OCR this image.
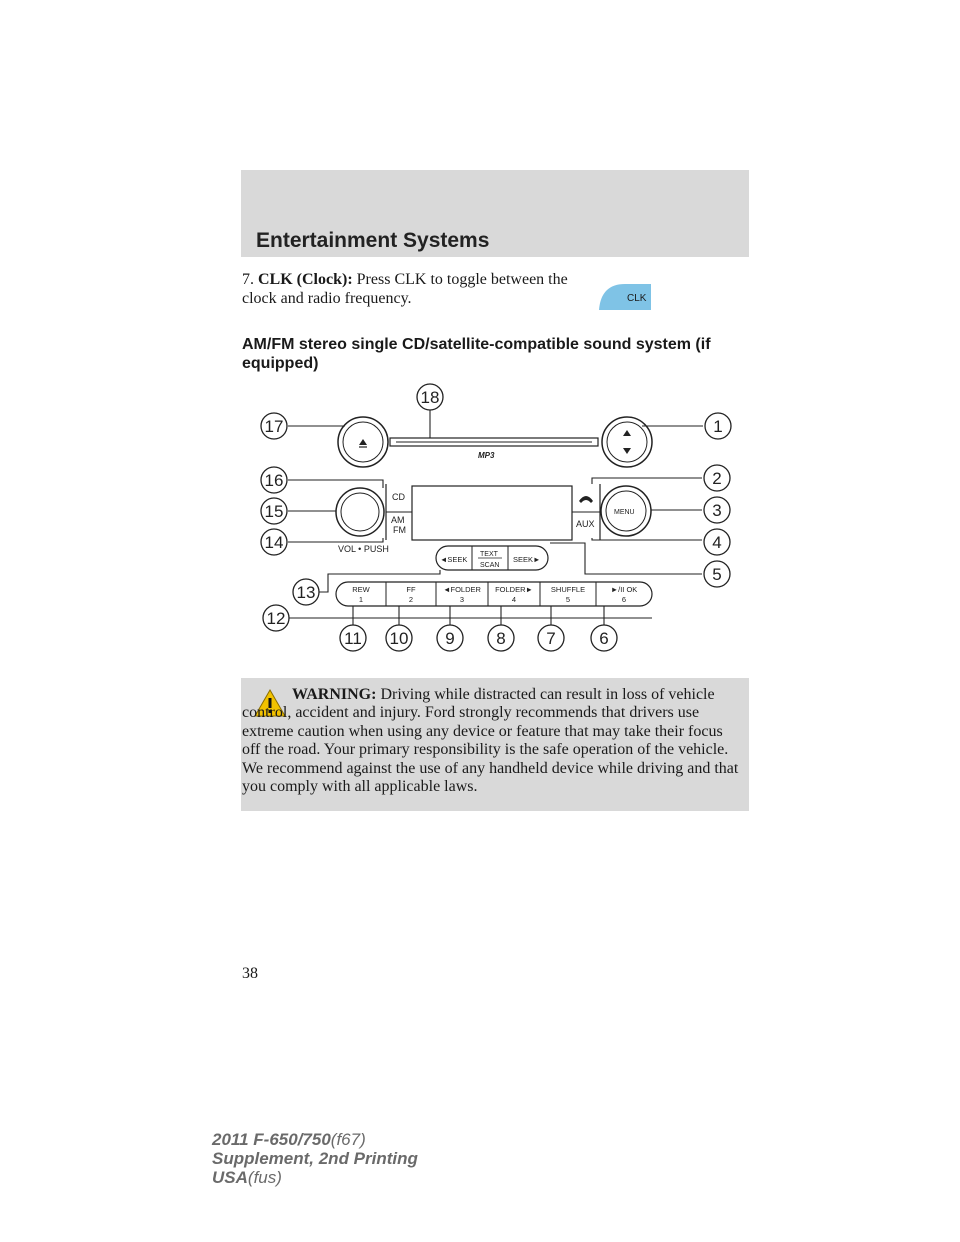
Entertainment Systems
7. CLK (Clock): Press CLK to toggle between the clock and radio frequency.	CLK
AM/FM stereo single CD/satellite-compatible sound system (if equipped)
MP3
VOL • PUSH
CD
AM
FM
AUX
MENU
◄SEEK
TEXT
SCAN
SEEK►
REW
1
FF
2
◄FOLDER
3
FOLDER►
4
SHUFFLE
5
►/II OK
6
1
2
3
4
5
6
7
8
9
10
11
12
13
14
15
16
17
18
WARNING: Driving while distracted can result in loss of vehicle control, accident and injury. Ford strongly recommends that drivers use extreme caution when using any device or feature that may take their focus off the road. Your primary responsibility is the safe operation of the vehicle. We recommend against the use of any handheld device while driving and that you comply with all applicable laws.
38
2011 F-650/750(f67)
Supplement, 2nd Printing
USA(fus)
